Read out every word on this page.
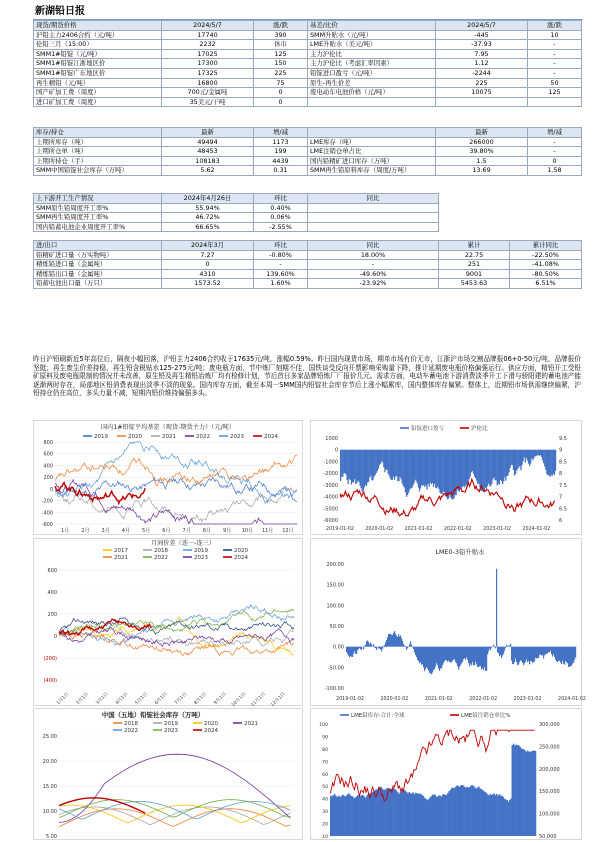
新湖铅日报
现货/期货价格	2024/5/7	涨/跌	基差/比价	2024/5/7	涨/跌
沪铅主力2406合约（元/吨）	17740	390	SMM升贴水（元/吨）	-445	10
伦铅三月（15:00）	2232	休市	LME升贴水（美元/吨）	-37.93	-
SMM1#铅锭（元/吨）	17025	125	主力沪伦比	7.95	-
SMM1#铅锭江浙地区价	17300	150	主力沪伦比（考虑汇率因素）	1.12	-
SMM1#铅锭广东地区价	17325	225	铅锭进口盈亏（元/吨）	-2244	-
再生精铅（元/吨）	16800	75	原生-再生价差	225	50
国产矿加工费（周度）	700元/金属吨	0	废电动车电池价格（元/吨）	10075	125
进口矿加工费（周度）	35美元/干吨	0			
库存/持仓	最新	增/减		最新	增/减
上期所库存（吨）	49494	1173	LME库存（吨）	266000	-
上期所仓单（吨）	48453	199	LME注销仓单占比	39.80%	-
上期所持仓（手）	108183	4439	国内铅精矿进口库存（万吨）	1.5	0
SMM中国铅锭社会库存（万吨）	5.62	0.31	SMM再生铅原料库存（周度/万吨）	13.69	1.58
上下游开工生产情况	2024年4月26日	环比	同比
SMM原生铅周度开工率%	55.94%	0.40%	
SMM再生铅周度开工率%	46.72%	0.06%	
国内铅蓄电池企业周度开工率%	66.65%	-2.55%	
进/出口	2024年3月	环比	同比	累计	累计同比
铅精矿进口量（万实物吨）	7.27	-0.80%	18.00%	22.75	-22.50%
精炼铅进口量（金属吨）	0	-	-	251	-41.08%
精炼铅出口量（金属吨）	4310	139.60%	-49.60%	9001	-80.50%
铅蓄电池出口量（万只）	1573.52	1.60%	-23.92%	5453.63	6.51%
昨日沪铅刷新近5年高位后，隔夜小幅回落，沪铅主力2406合约收于17635元/吨，涨幅0.59%。昨日国内现货市场，期单市场有价无市，江浙沪市场交割品牌报06+0-50元/吨，品牌报价坚挺；再生废生价差持稳，再生铅含税贴水125-275元/吨；废电瓶方面，节中炼厂刻期不佳，国铁谈受反向开票影响采购量下降，推计延期废电瓶价格偏强运行。供应方面，精铅开工受铅矿原料及废电瓶限制的情况并未改善，原生铅及再生精铅冶炼厂均有检修计划，节后首日多家品牌铅炼厂厂报价几元。需求方面，电动车蓄电池下游消费淡季开工下滑与骄阳建的蓄电池产能逐渐两时存在，局部地区铅消费表现出淡季不淡的现象。国内库存方面，截至本周一SMM国内铅锭社会库存节后上涨小幅累库，国内整体库存偏紧。整体上，近期铅市场供需继续偏紧，沪铅持仓仍在高位，多头力量不减，短期内铅价维持偏强多头。
国内1#铅锭平均基差（现货-期货主力）（元/吨）
2019	2020	2021	2022	2023	2024
800
600
400
200
0
-200
-400
-600
1月 2月 3月 4月 5月 6月 7月 8月 9月 10月 11月 12月
铅锭进口盈亏	沪伦比
1000	9.5
0	9
-1000	8.5
-2000	8
-3000	7.5
-4000	7
-5000	6.5
-6000	6
2019-01-02 2020-01-02 2021-01-02 2022-01-02 2023-01-02 2024-01-02
月间价差（连一-连三）
2017	2018	2019	2020
2021	2022	2023	2024
600
400
200
0
(200)
(400)
1月1日	2月1日	3月1日	4月1日	5月1日	6月1日	7月1日	8月1日	9月1日 10月1日 11月1日 12月1日
LME0-3铅升贴水
200.00
150.00
100.00
50.00
0.00
-50.00
-100.00
2019-01-02	2020-01-02	2021-01-02	2022-01-02	2023-01-02	2024-01-02
中国（五地）铅锭社会库存（万吨）
2018	2019	2020	2021
2022	2023	2024
25.00
20.00
15.00
10.00
5.00
LME铅库存:合计:全球	LME铅注销仓单比%
300,000
250,000
200,000
150,000
100,000
50,000
100
90
80
70
60
50
40
30
20
10
